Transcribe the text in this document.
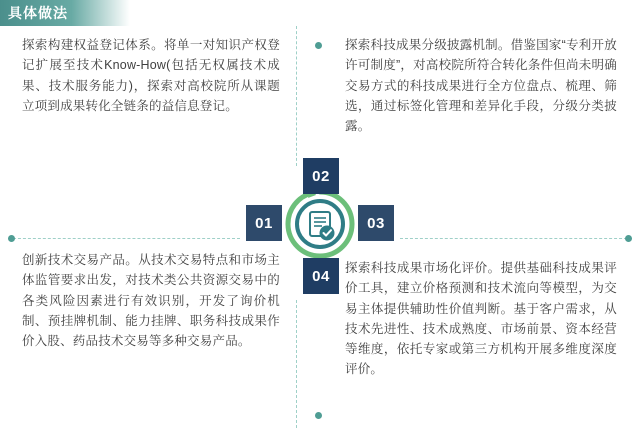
具体做法
01
02
03
04
探索构建权益登记体系。将单一对知识产权登记扩展至技术Know-How(包括无权属技术成果、技术服务能力)，探索对高校院所从课题立项到成果转化全链条的益信息登记。
探索科技成果分级披露机制。借鉴国家“专利开放许可制度”，对高校院所符合转化条件但尚未明确交易方式的科技成果进行全方位盘点、梳理、筛选，通过标签化管理和差异化手段，分级分类披露。
创新技术交易产品。从技术交易特点和市场主体监管要求出发，对技术类公共资源交易中的各类风险因素进行有效识别，开发了询价机制、预挂牌机制、能力挂牌、职务科技成果作价入股、药品技术交易等多种交易产品。
探索科技成果市场化评价。提供基础科技成果评价工具，建立价格预测和技术流向等模型，为交易主体提供辅助性价值判断。基于客户需求，从技术先进性、技术成熟度、市场前景、资本经营等维度，依托专家或第三方机构开展多维度深度评价。
